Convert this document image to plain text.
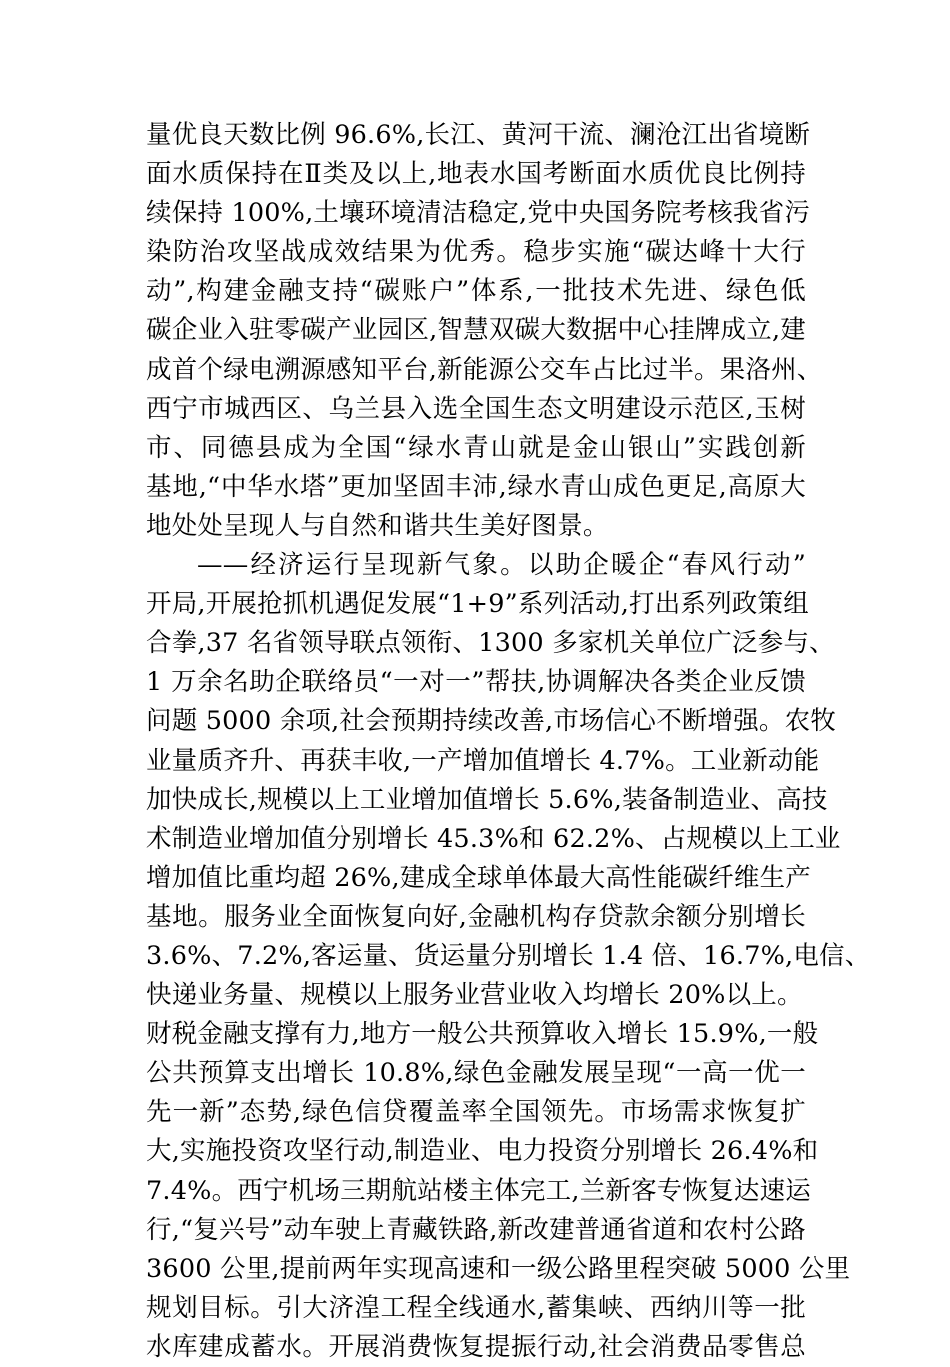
量优良天数比例 96.6%,长江、黄河干流、澜沧江出省境断
面水质保持在Ⅱ类及以上,地表水国考断面水质优良比例持
续保持 100%,土壤环境清洁稳定,党中央国务院考核我省污
染防治攻坚战成效结果为优秀。稳步实施“碳达峰十大行
动”,构建金融支持“碳账户”体系,一批技术先进、绿色低
碳企业入驻零碳产业园区,智慧双碳大数据中心挂牌成立,建
成首个绿电溯源感知平台,新能源公交车占比过半。果洛州、
西宁市城西区、乌兰县入选全国生态文明建设示范区,玉树
市、同德县成为全国“绿水青山就是金山银山”实践创新
基地,“中华水塔”更加坚固丰沛,绿水青山成色更足,高原大
地处处呈现人与自然和谐共生美好图景。
——经济运行呈现新气象。以助企暖企“春风行动”
开局,开展抢抓机遇促发展“1+9”系列活动,打出系列政策组
合拳,37 名省领导联点领衔、1300 多家机关单位广泛参与、
1 万余名助企联络员“一对一”帮扶,协调解决各类企业反馈
问题 5000 余项,社会预期持续改善,市场信心不断增强。农牧
业量质齐升、再获丰收,一产增加值增长 4.7%。工业新动能
加快成长,规模以上工业增加值增长 5.6%,装备制造业、高技
术制造业增加值分别增长 45.3%和 62.2%、占规模以上工业
增加值比重均超 26%,建成全球单体最大高性能碳纤维生产
基地。服务业全面恢复向好,金融机构存贷款余额分别增长
3.6%、7.2%,客运量、货运量分别增长 1.4 倍、16.7%,电信、
快递业务量、规模以上服务业营业收入均增长 20%以上。
财税金融支撑有力,地方一般公共预算收入增长 15.9%,一般
公共预算支出增长 10.8%,绿色金融发展呈现“一高一优一
先一新”态势,绿色信贷覆盖率全国领先。市场需求恢复扩
大,实施投资攻坚行动,制造业、电力投资分别增长 26.4%和
7.4%。西宁机场三期航站楼主体完工,兰新客专恢复达速运
行,“复兴号”动车驶上青藏铁路,新改建普通省道和农村公路
3600 公里,提前两年实现高速和一级公路里程突破 5000 公里
规划目标。引大济湟工程全线通水,蓄集峡、西纳川等一批
水库建成蓄水。开展消费恢复提振行动,社会消费品零售总
